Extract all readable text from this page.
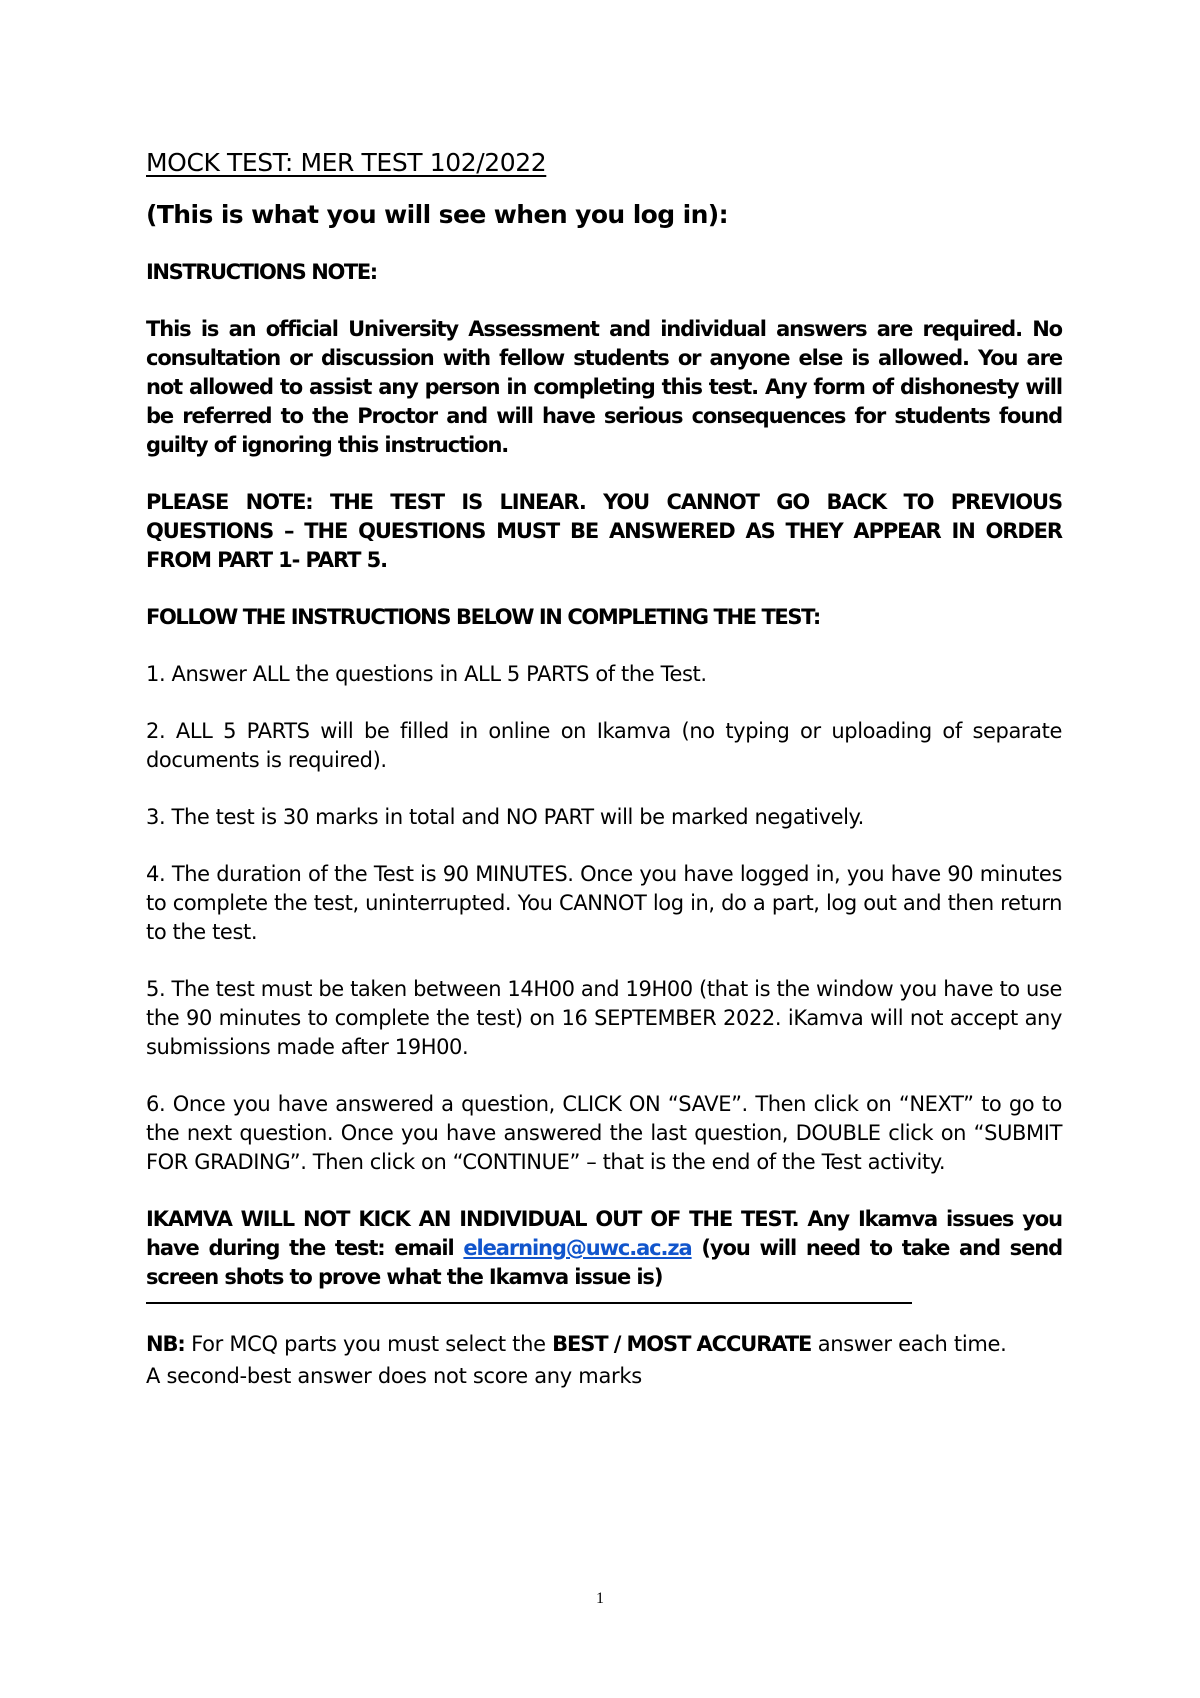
MOCK TEST: MER TEST 102/2022
(This is what you will see when you log in):
INSTRUCTIONS NOTE:
This is an official University Assessment and individual answers are required. No consultation or discussion with fellow students or anyone else is allowed. You are not allowed to assist any person in completing this test. Any form of dishonesty will be referred to the Proctor and will have serious consequences for students found guilty of ignoring this instruction.
PLEASE NOTE: THE TEST IS LINEAR. YOU CANNOT GO BACK TO PREVIOUS QUESTIONS – THE QUESTIONS MUST BE ANSWERED AS THEY APPEAR IN ORDER FROM PART 1- PART 5.
FOLLOW THE INSTRUCTIONS BELOW IN COMPLETING THE TEST:
1. Answer ALL the questions in ALL 5 PARTS of the Test.
2. ALL 5 PARTS will be filled in online on Ikamva (no typing or uploading of separate documents is required).
3. The test is 30 marks in total and NO PART will be marked negatively.
4. The duration of the Test is 90 MINUTES. Once you have logged in, you have 90 minutes to complete the test, uninterrupted. You CANNOT log in, do a part, log out and then return to the test.
5. The test must be taken between 14H00 and 19H00 (that is the window you have to use the 90 minutes to complete the test) on 16 SEPTEMBER 2022. iKamva will not accept any submissions made after 19H00.
6. Once you have answered a question, CLICK ON “SAVE”. Then click on “NEXT” to go to the next question. Once you have answered the last question, DOUBLE click on “SUBMIT FOR GRADING”. Then click on “CONTINUE” – that is the end of the Test activity.
IKAMVA WILL NOT KICK AN INDIVIDUAL OUT OF THE TEST. Any Ikamva issues you have during the test: email elearning@uwc.ac.za (you will need to take and send screen shots to prove what the Ikamva issue is)

NB: For MCQ parts you must select the BEST / MOST ACCURATE answer each time.

A second-best answer does not score any marks

1
